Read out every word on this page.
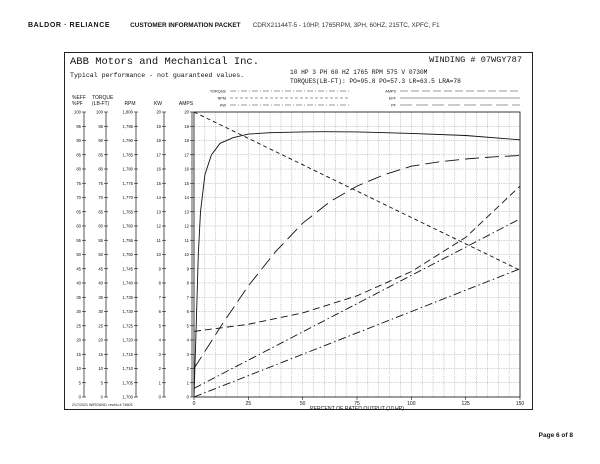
BALDOR · RELIANCE	CUSTOMER INFORMATION PACKET CDRX21144T-5 - 10HP, 1765RPM, 3PH, 60HZ, 215TC, XPFC, F1
ABB Motors and Mechanical Inc.
Typical performance - not guaranteed values.
WINDING # 07WGY787
10 HP 3 PH 60 HZ 1765 RPM 575 V 0730M
TORQUES(LB-FT): PO=95.8 PO=57.3 LR=63.5 LRA=78
0
5
10
15
20
25
30
35
40
45
50
55
60
65
70
75
80
85
90
95
100
0
5
10
15
20
25
30
35
40
45
50
55
60
65
70
75
80
85
90
95
100
1,700
1,705
1,710
1,715
1,720
1,725
1,730
1,735
1,740
1,745
1,750
1,755
1,760
1,765
1,770
1,775
1,780
1,785
1,790
1,795
1,800
0
1
2
3
4
5
6
7
8
9
10
11
12
13
14
15
16
17
18
19
20
0
1
2
3
4
5
6
7
8
9
10
11
12
13
14
15
16
17
18
19
20
%EFF
%PF
TORQUE
(LB-FT)	RPM	KW	AMPS
0	25	50	75	100	125	150
PERCENT OF RATED OUTPUT (10 HP)
TORQUE
RPM
KW
AMPS
EFF
PF
2/17/2021 W/ROUND, rev/no # 74603
Page 6 of 8
